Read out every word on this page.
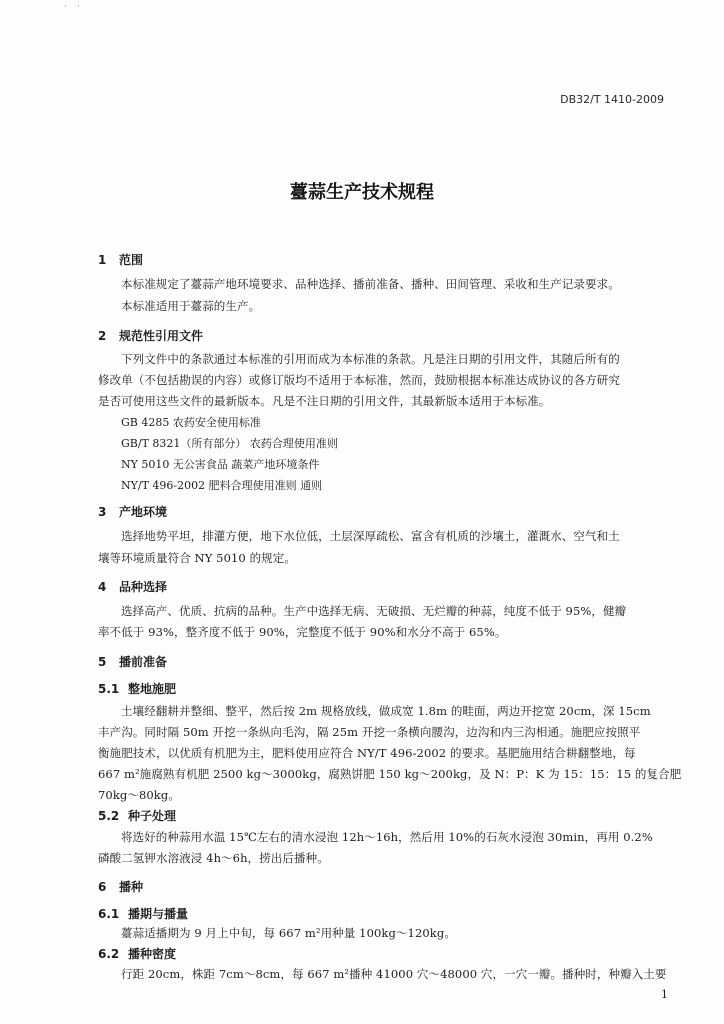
· ·
DB32/T 1410-2009
薹蒜生产技术规程
1 范围
本标准规定了薹蒜产地环境要求、品种选择、播前准备、播种、田间管理、采收和生产记录要求。
本标准适用于薹蒜的生产。
2 规范性引用文件
下列文件中的条款通过本标准的引用而成为本标准的条款。凡是注日期的引用文件，其随后所有的
修改单（不包括勘误的内容）或修订版均不适用于本标准，然而，鼓励根据本标准达成协议的各方研究
是否可使用这些文件的最新版本。凡是不注日期的引用文件，其最新版本适用于本标准。
GB 4285 农药安全使用标准
GB/T 8321（所有部分） 农药合理使用准则
NY 5010 无公害食品 蔬菜产地环境条件
NY/T 496-2002 肥料合理使用准则 通则
3 产地环境
选择地势平坦，排灌方便，地下水位低，土层深厚疏松、富含有机质的沙壤土，灌溉水、空气和土
壤等环境质量符合 NY 5010 的规定。
4 品种选择
选择高产、优质、抗病的品种。生产中选择无病、无破损、无烂瓣的种蒜，纯度不低于 95%，健瓣
率不低于 93%，整齐度不低于 90%，完整度不低于 90%和水分不高于 65%。
5 播前准备
5.1 整地施肥
土壤经翻耕并整细、整平，然后按 2m 规格放线，做成宽 1.8m 的畦面，两边开挖宽 20cm，深 15cm
丰产沟。同时隔 50m 开挖一条纵向毛沟，隔 25m 开挖一条横向腰沟，边沟和内三沟相通。施肥应按照平
衡施肥技术，以优质有机肥为主，肥料使用应符合 NY/T 496-2002 的要求。基肥施用结合耕翻整地，每
667 m²施腐熟有机肥 2500 kg～3000kg，腐熟饼肥 150 kg～200kg，及 N：P：K 为 15：15：15 的复合肥
70kg～80kg。
5.2 种子处理
将选好的种蒜用水温 15℃左右的清水浸泡 12h～16h，然后用 10%的石灰水浸泡 30min，再用 0.2%
磷酸二氢钾水溶液浸 4h～6h，捞出后播种。
6 播种
6.1 播期与播量
薹蒜适播期为 9 月上中旬，每 667 m²用种量 100kg～120kg。
6.2 播种密度
行距 20cm，株距 7cm～8cm，每 667 m²播种 41000 穴～48000 穴，一穴一瓣。播种时，种瓣入土要
1
